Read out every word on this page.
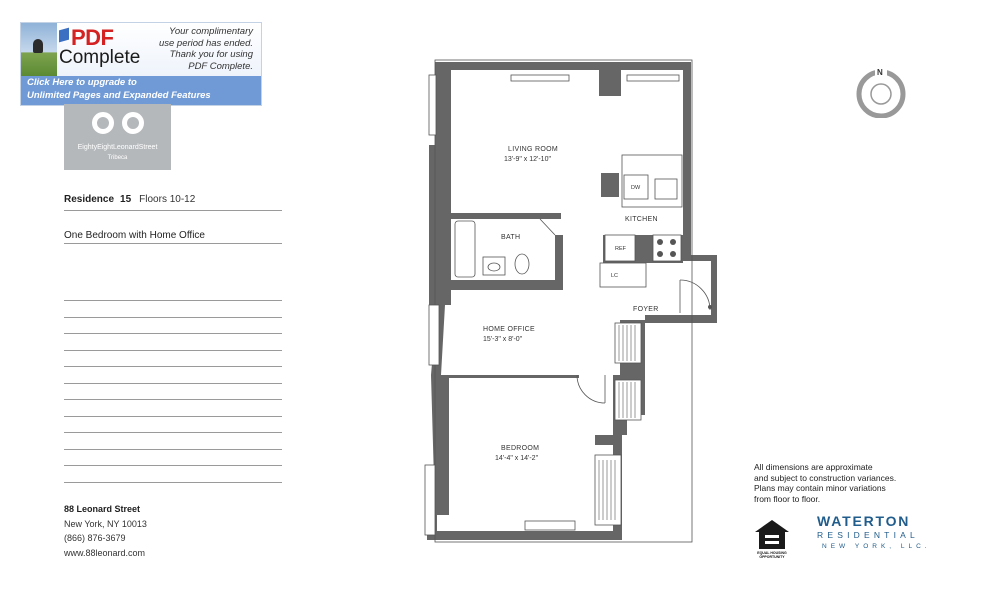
PDF
Complete
Your complimentary
use period has ended.
Thank you for using
PDF Complete.
Click Here to upgrade to
Unlimited Pages and Expanded Features
EightyEightLeonardStreet
Tribeca
Residence 15 Floors 10-12
One Bedroom with Home Office
88 Leonard Street
New York, NY 10013
(866) 876-3679
www.88leonard.com
LIVING ROOM
13'-9" x 12'-10"
BATH
KITCHEN
FOYER
HOME OFFICE
15'-3" x 8'-0"
BEDROOM
14'-4" x 14'-2"
DW
REF
LC
N
All dimensions are approximate
and subject to construction variances.
Plans may contain minor variations
from floor to floor.
EQUAL HOUSING
OPPORTUNITY
WATERTON
RESIDENTIAL
NEW YORK, LLC.
